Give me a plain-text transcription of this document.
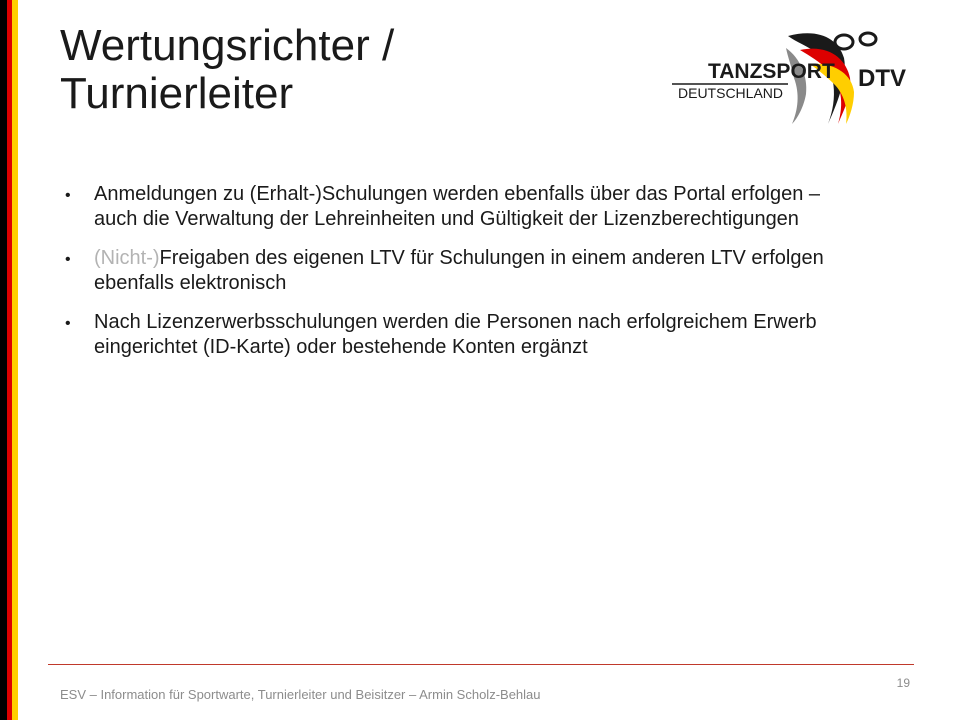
Wertungsrichter /
Turnierleiter	TANZSPORT
DEUTSCHLAND
DTV
• Anmeldungen zu (Erhalt-)Schulungen werden ebenfalls über das Portal erfolgen – auch die Verwaltung der Lehreinheiten und Gültigkeit der Lizenzberechtigungen
• (Nicht-)Freigaben des eigenen LTV für Schulungen in einem anderen LTV erfolgen ebenfalls elektronisch
• Nach Lizenzerwerbsschulungen werden die Personen nach erfolgreichem Erwerb eingerichtet (ID-Karte) oder bestehende Konten ergänzt
ESV – Information für Sportwarte, Turnierleiter und Beisitzer – Armin Scholz-Behlau
19
